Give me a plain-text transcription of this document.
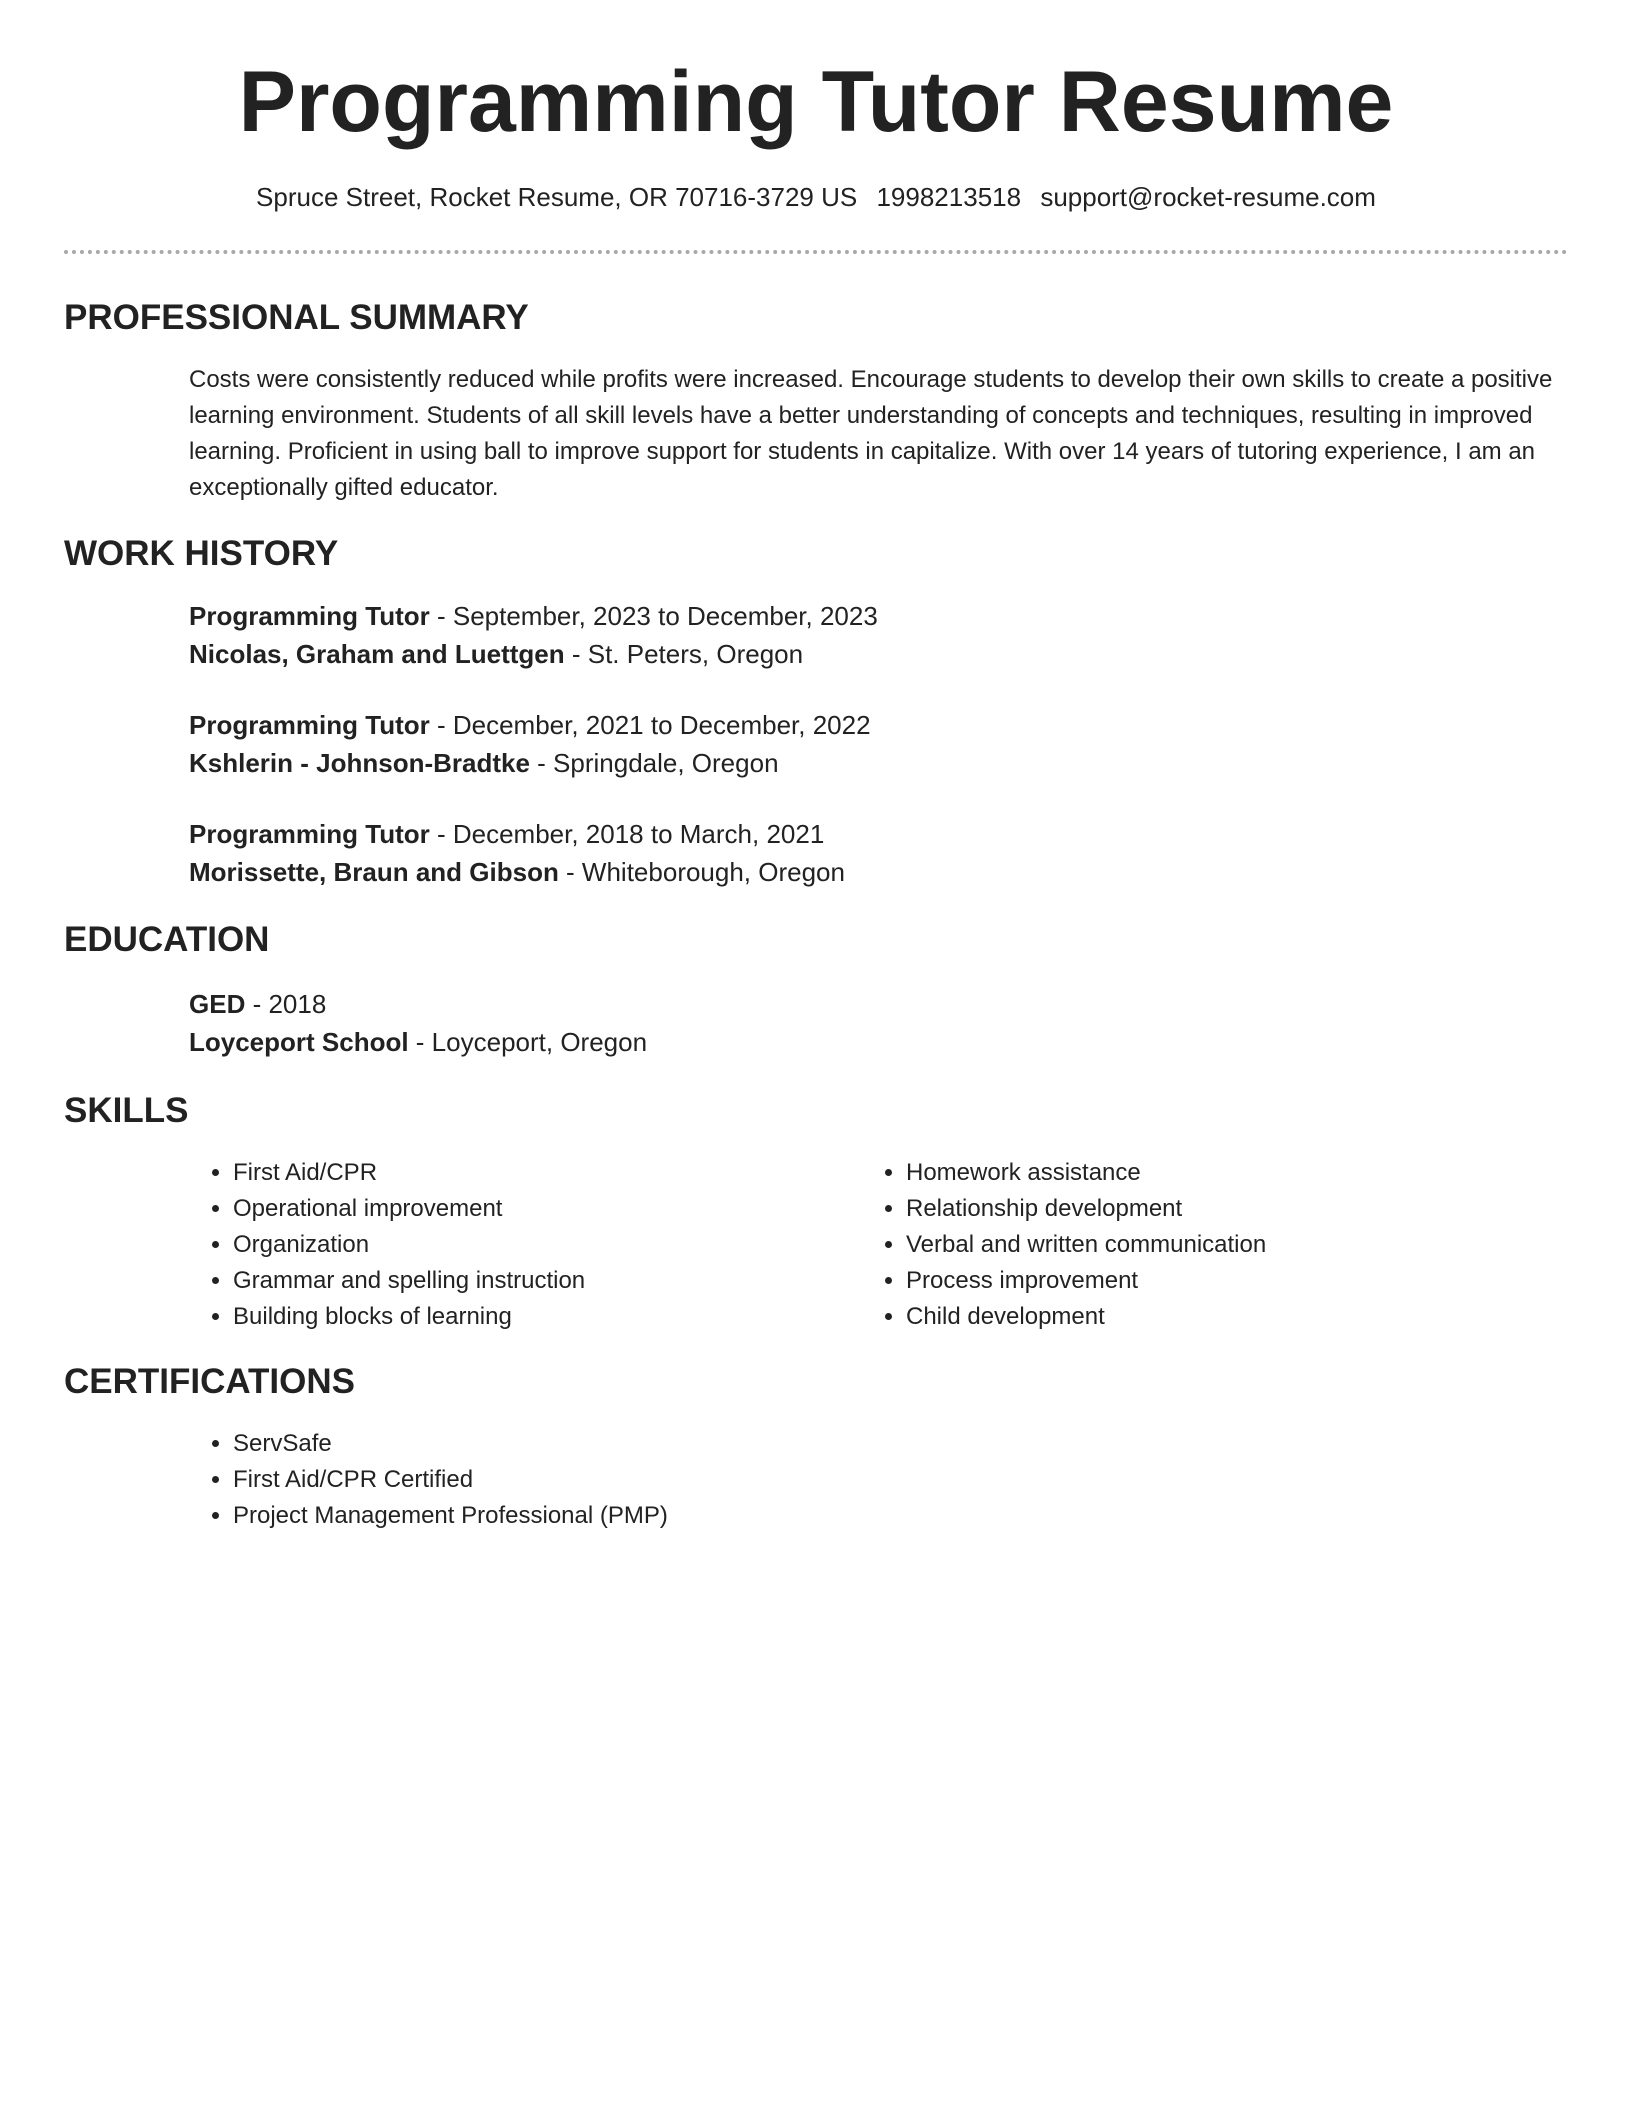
Programming Tutor Resume
Spruce Street, Rocket Resume, OR 70716-3729 US 1998213518 support@rocket-resume.com
PROFESSIONAL SUMMARY

Costs were consistently reduced while profits were increased. Encourage students to develop their own skills to create a positive learning environment. Students of all skill levels have a better understanding of concepts and techniques, resulting in improved learning. Proficient in using ball to improve support for students in capitalize. With over 14 years of tutoring experience, I am an exceptionally gifted educator.

WORK HISTORY

Programming Tutor - September, 2023 to December, 2023

Nicolas, Graham and Luettgen - St. Peters, Oregon

Programming Tutor - December, 2021 to December, 2022

Kshlerin - Johnson-Bradtke - Springdale, Oregon

Programming Tutor - December, 2018 to March, 2021

Morissette, Braun and Gibson - Whiteborough, Oregon

EDUCATION

GED - 2018

Loyceport School - Loyceport, Oregon

SKILLS
• First Aid/CPR
• Operational improvement
• Organization
• Grammar and spelling instruction
• Building blocks of learning
• Homework assistance
• Relationship development
• Verbal and written communication
• Process improvement
• Child development
CERTIFICATIONS
• ServSafe
• First Aid/CPR Certified
• Project Management Professional (PMP)
